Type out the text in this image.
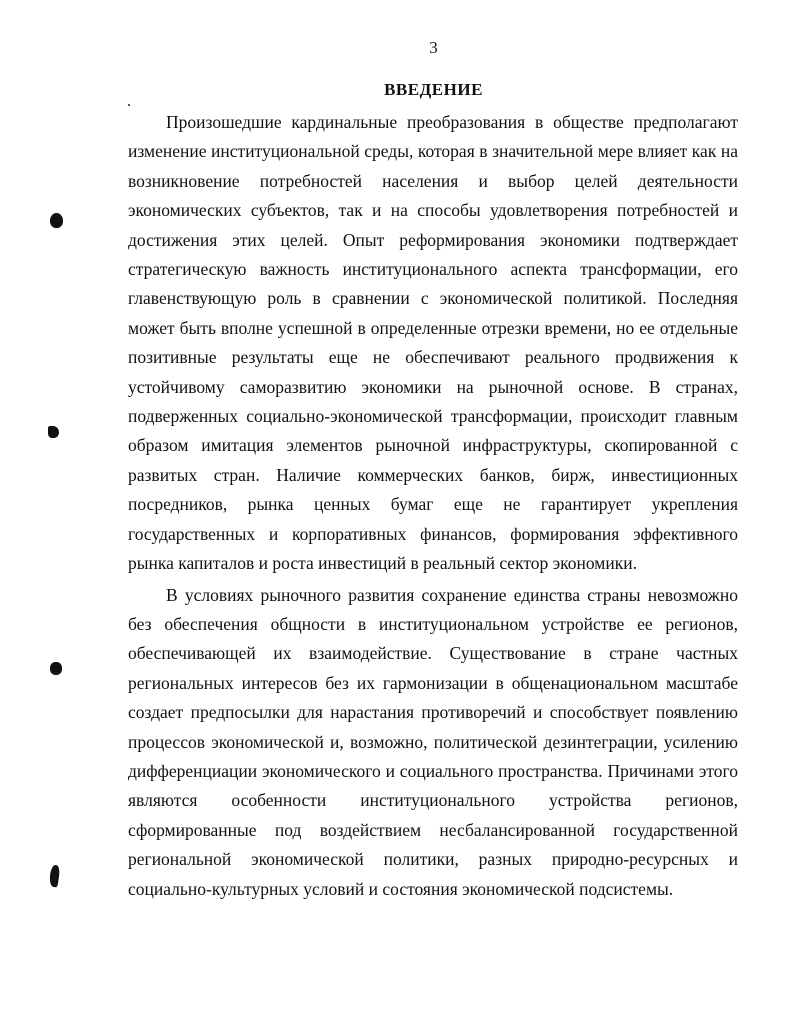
3
ВВЕДЕНИЕ

Произошедшие кардинальные преобразования в обществе предполагают изменение институциональной среды, которая в значительной мере влияет как на возникновение потребностей населения и выбор целей деятельности экономических субъектов, так и на способы удовлетворения потребностей и достижения этих целей. Опыт реформирования экономики подтверждает стратегическую важность институционального аспекта трансформации, его главенствующую роль в сравнении с экономической политикой. Последняя может быть вполне успешной в определенные отрезки времени, но ее отдельные позитивные результаты еще не обеспечивают реального продвижения к устойчивому саморазвитию экономики на рыночной основе. В странах, подверженных социально-экономической трансформации, происходит главным образом имитация элементов рыночной инфраструктуры, скопированной с развитых стран. Наличие коммерческих банков, бирж, инвестиционных посредников, рынка ценных бумаг еще не гарантирует укрепления государственных и корпоративных финансов, формирования эффективного рынка капиталов и роста инвестиций в реальный сектор экономики.

В условиях рыночного развития сохранение единства страны невозможно без обеспечения общности в институциональном устройстве ее регионов, обеспечивающей их взаимодействие. Существование в стране частных региональных интересов без их гармонизации в общенациональном масштабе создает предпосылки для нарастания противоречий и способствует появлению процессов экономической и, возможно, политической дезинтеграции, усилению дифференциации экономического и социального пространства. Причинами этого являются особенности институционального устройства регионов, сформированные под воздействием несбалансированной государственной региональной экономической политики, разных природно-ресурсных и социально-культурных условий и состояния экономической подсистемы.
